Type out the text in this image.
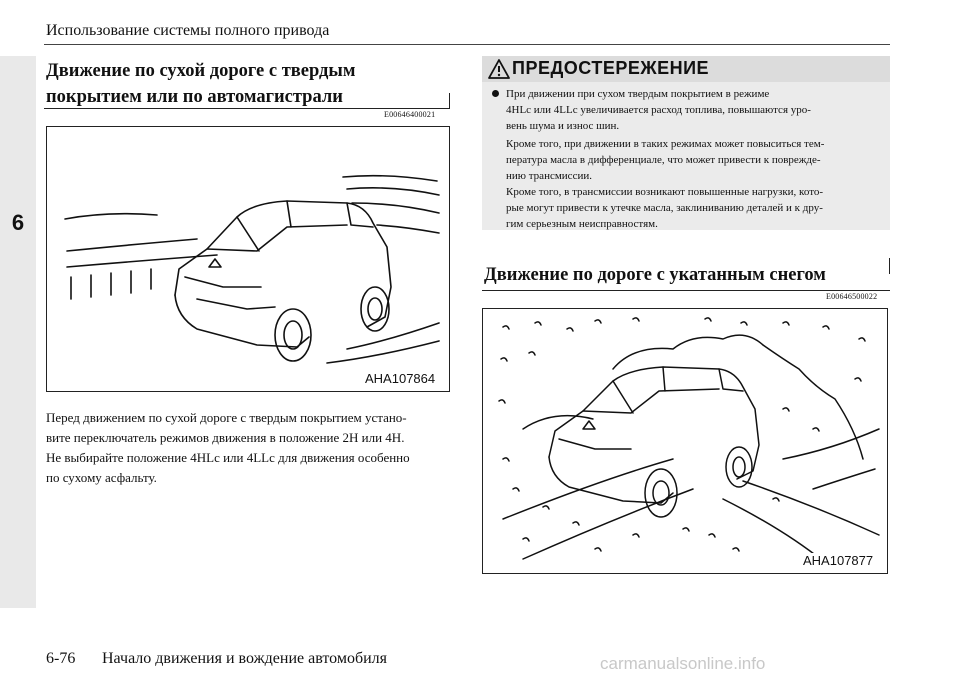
6
Использование системы полного привода
Движение по сухой дороге с твердым
покрытием или по автомагистрали
E00646400021
AHA107864
Перед движением по сухой дороге с твердым покрытием устано-
вите переключатель режимов движения в положение 2H или 4H.
Не выбирайте положение 4HLc или 4LLc для движения особенно
по сухому асфальту.
ПРЕДОСТЕРЕЖЕНИЕ
При движении при сухом твердым покрытием в режиме
4HLc или 4LLc увеличивается расход топлива, повышаются уро-
вень шума и износ шин.
Кроме того, при движении в таких режимах может повыситься тем-
пература масла в дифференциале, что может привести к поврежде-
нию трансмиссии.
Кроме того, в трансмиссии возникают повышенные нагрузки, кото-
рые могут привести к утечке масла, заклиниванию деталей и к дру-
гим серьезным неисправностям.
Движение по дороге с укатанным снегом
E00646500022
AHA107877
6-76 Начало движения и вождение автомобиля	carmanualsonline.info
